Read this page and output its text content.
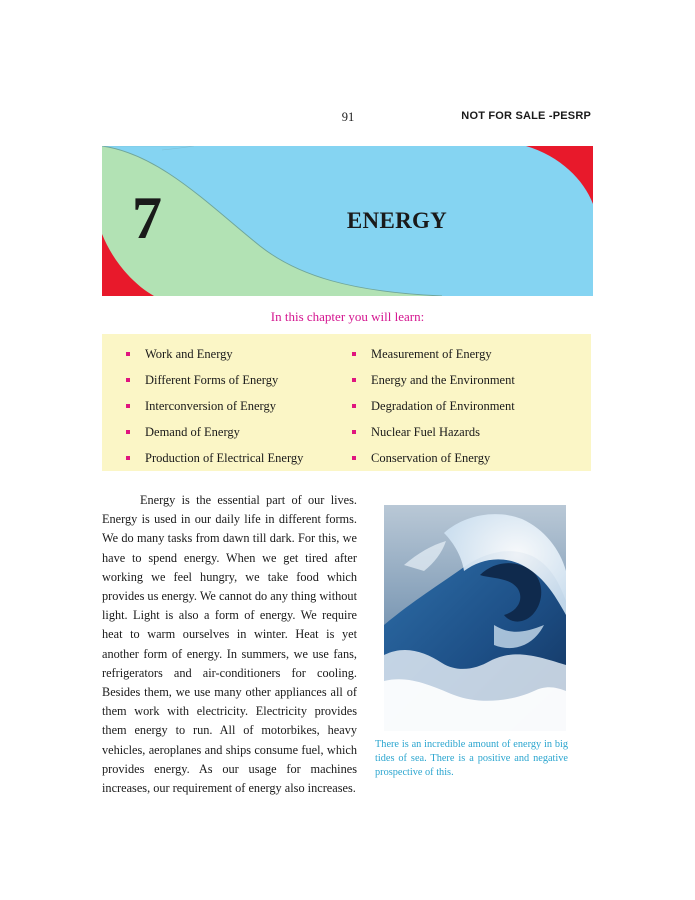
91	NOT FOR SALE -PESRP
7	ENERGY
In this chapter you will learn:
Work and Energy
Different Forms of Energy
Interconversion of Energy
Demand of Energy
Production of Electrical Energy
Measurement of Energy
Energy and the Environment
Degradation of Environment
Nuclear Fuel Hazards
Conservation of Energy

Energy is the essential part of our lives. Energy is used in our daily life in different forms. We do many tasks from dawn till dark. For this, we have to spend energy. When we get tired after working we feel hungry, we take food which provides us energy. We cannot do any thing without light. Light is also a form of energy. We require heat to warm ourselves in winter. Heat is yet another form of energy. In summers, we use fans, refrigerators and air-conditioners for cooling. Besides them, we use many other appliances all of them work with electricity. Electricity provides them energy to run. All of motorbikes, heavy vehicles, aeroplanes and ships consume fuel, which provides energy. As our usage for machines increases, our requirement of energy also increases.

There is an incredible amount of energy in big tides of sea. There is a positive and negative prospective of this.
